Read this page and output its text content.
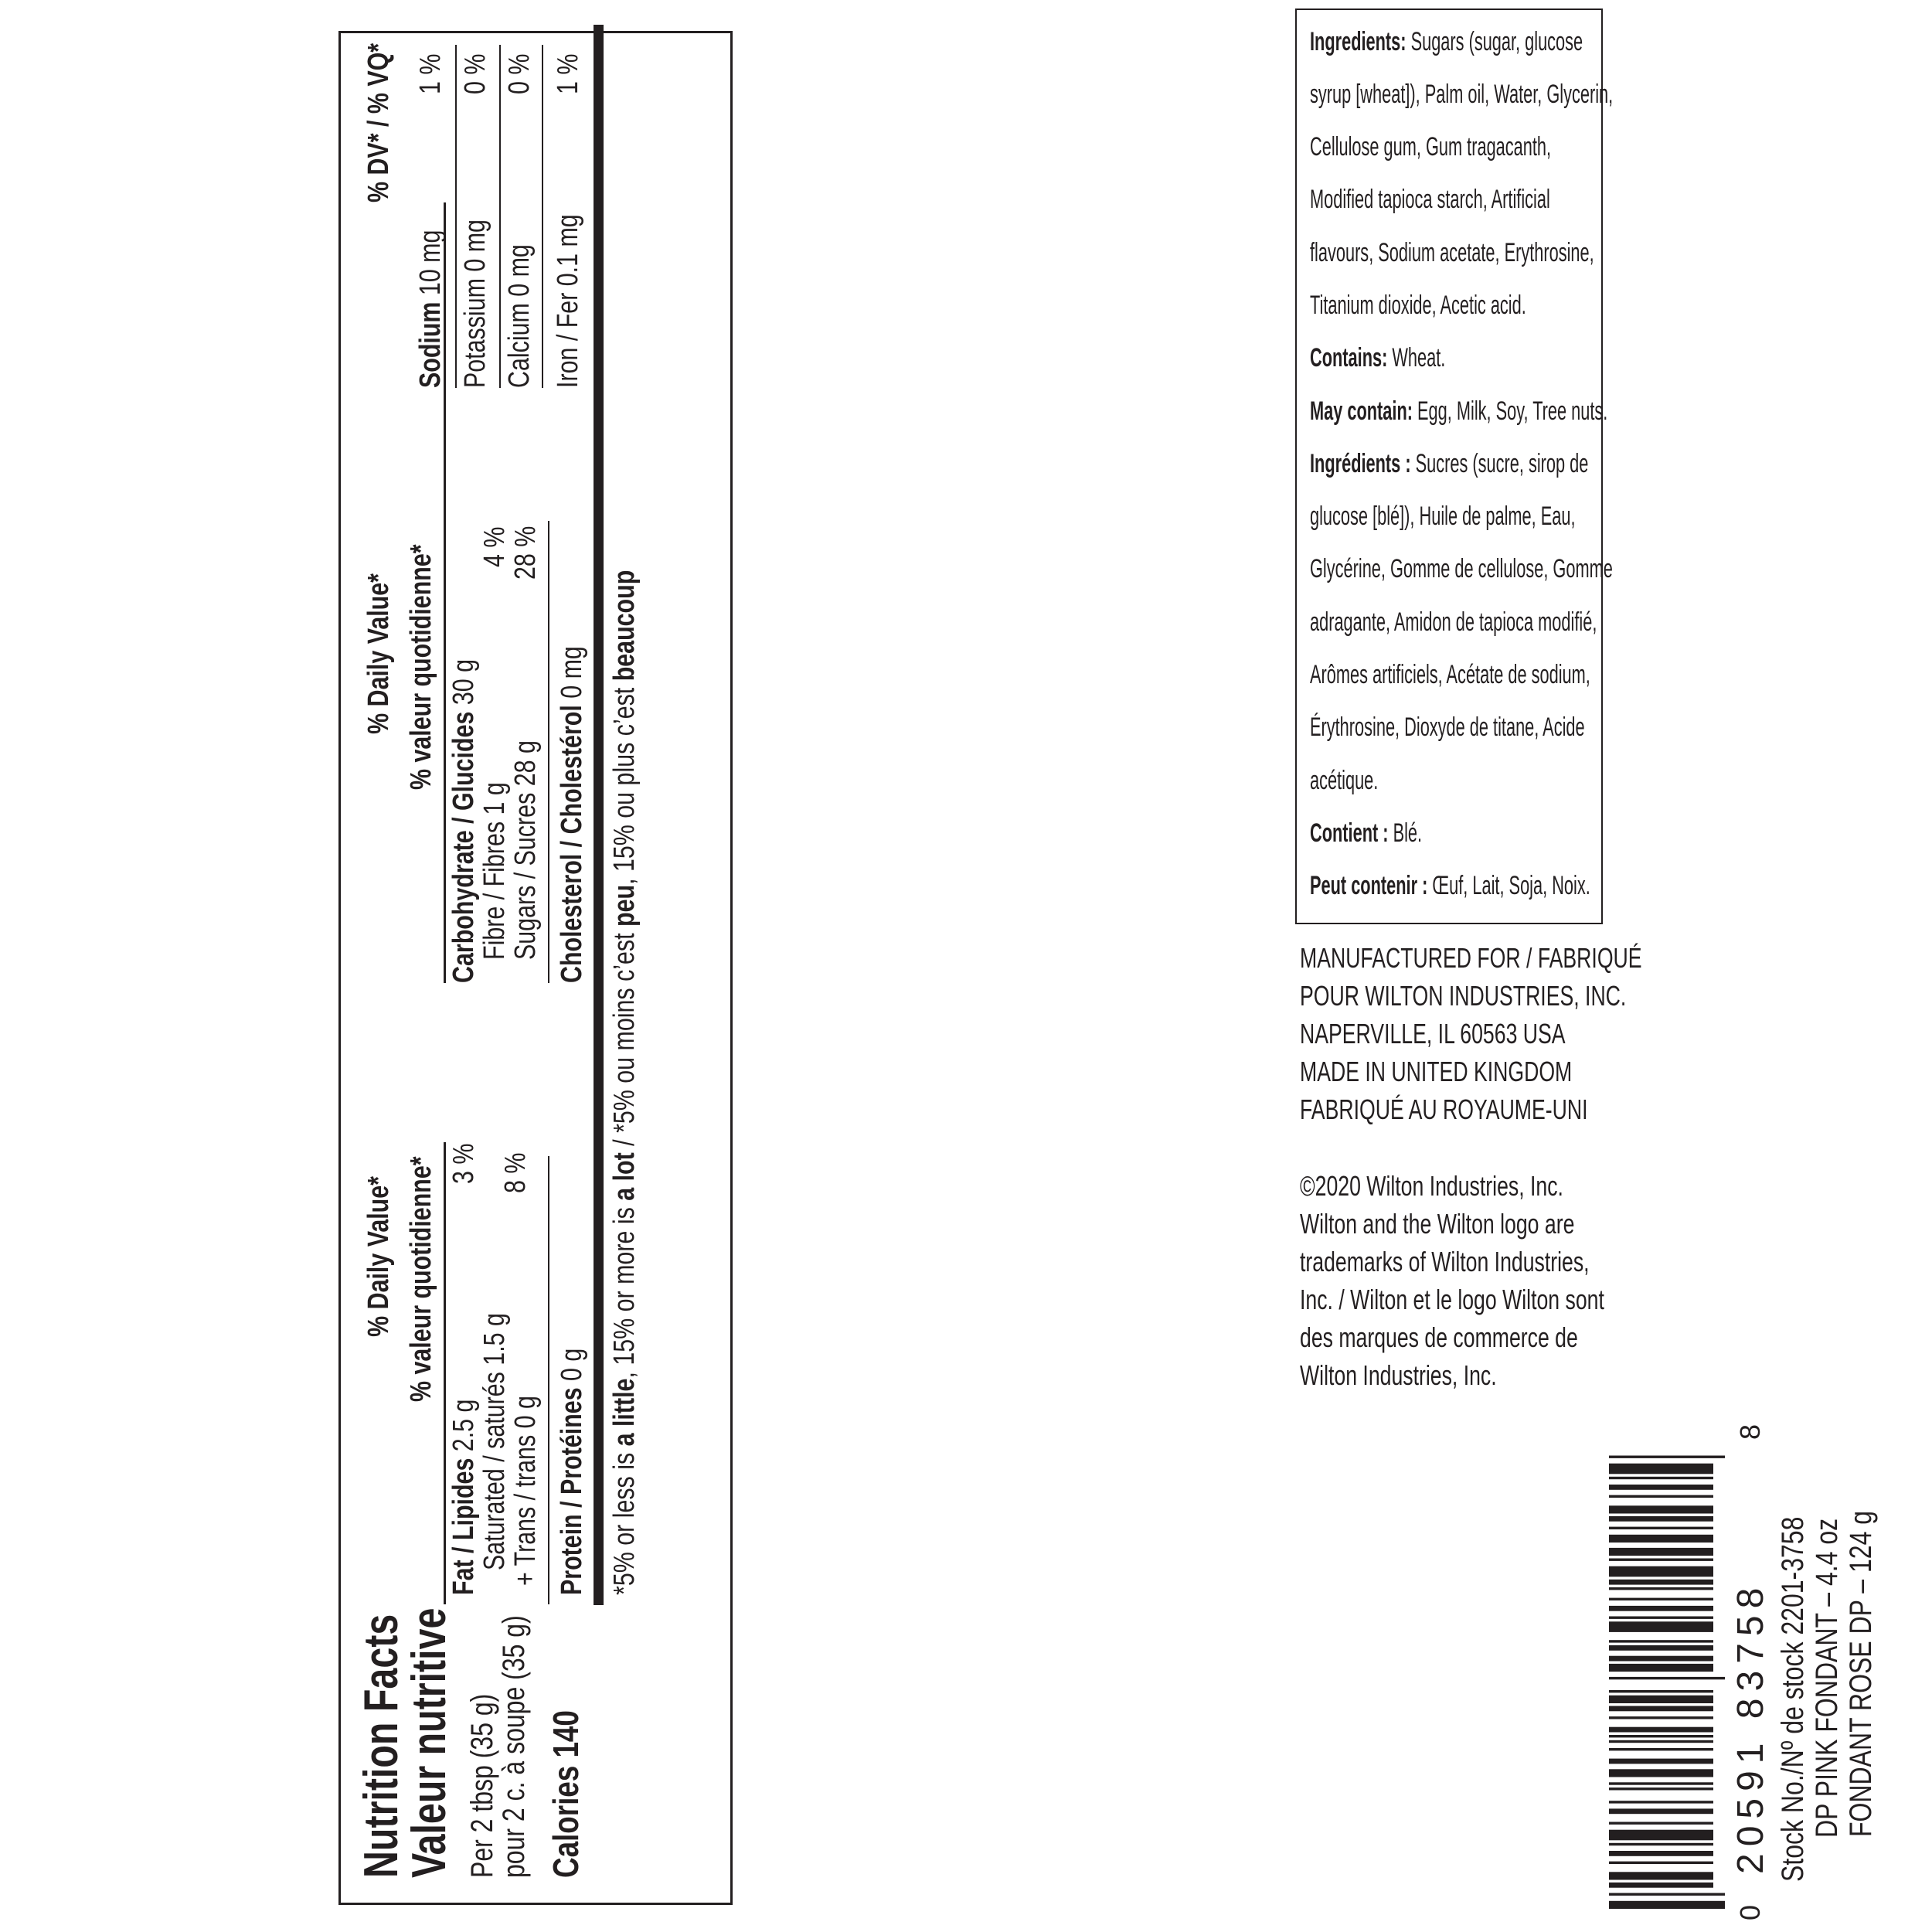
Nutrition Facts
Valeur nutritive Per 2 tbsp (35 g)
pour 2 c. à soupe (35 g) Calories 140
% Daily Value* % valeur quotidienne*
Fat / Lipides 2.5 g
3 %
Saturated / saturés 1.5 g
8 %
+ Trans / trans 0 g Protein / Protéines 0 g
% Daily Value* % valeur quotidienne*
Carbohydrate / Glucides 30 g
Fibre / Fibres 1 g
4 %
Sugars / Sucres 28 g
28 %
Cholesterol / Cholestérol 0 mg
% DV* / % VQ*
Sodium 10 mg
1 %
Potassium 0 mg
0 %
Calcium 0 mg
0 %
Iron / Fer 0.1 mg
1 %
*5% or less is a little, 15% or more is a lot / *5% ou moins c’est peu, 15% ou plus c’est beaucoup
Ingredients: Sugars (sugar, glucose
syrup [wheat]), Palm oil, Water, Glycerin,
Cellulose gum, Gum tragacanth,
Modified tapioca starch, Artificial
flavours, Sodium acetate, Erythrosine,
Titanium dioxide, Acetic acid.
Contains: Wheat.
May contain: Egg, Milk, Soy, Tree nuts.
Ingrédients : Sucres (sucre, sirop de
glucose [blé]), Huile de palme, Eau,
Glycérine, Gomme de cellulose, Gomme
adragante, Amidon de tapioca modifié,
Arômes artificiels, Acétate de sodium,
Érythrosine, Dioxyde de titane, Acide
acétique.
Contient : Blé.
Peut contenir : Œuf, Lait, Soja, Noix.
MANUFACTURED FOR / FABRIQUÉ
POUR WILTON INDUSTRIES, INC.
NAPERVILLE, IL 60563 USA
MADE IN UNITED KINGDOM
FABRIQUÉ AU ROYAUME-UNI
©2020 Wilton Industries, Inc.
Wilton and the Wilton logo are
trademarks of Wilton Industries,
Inc. / Wilton et le logo Wilton sont
des marques de commerce de
Wilton Industries, Inc.
0
20591 83758
8
Stock No./Nº de stock 2201-3758 DP PINK FONDANT – 4.4 oz FONDANT ROSE DP – 124 g
